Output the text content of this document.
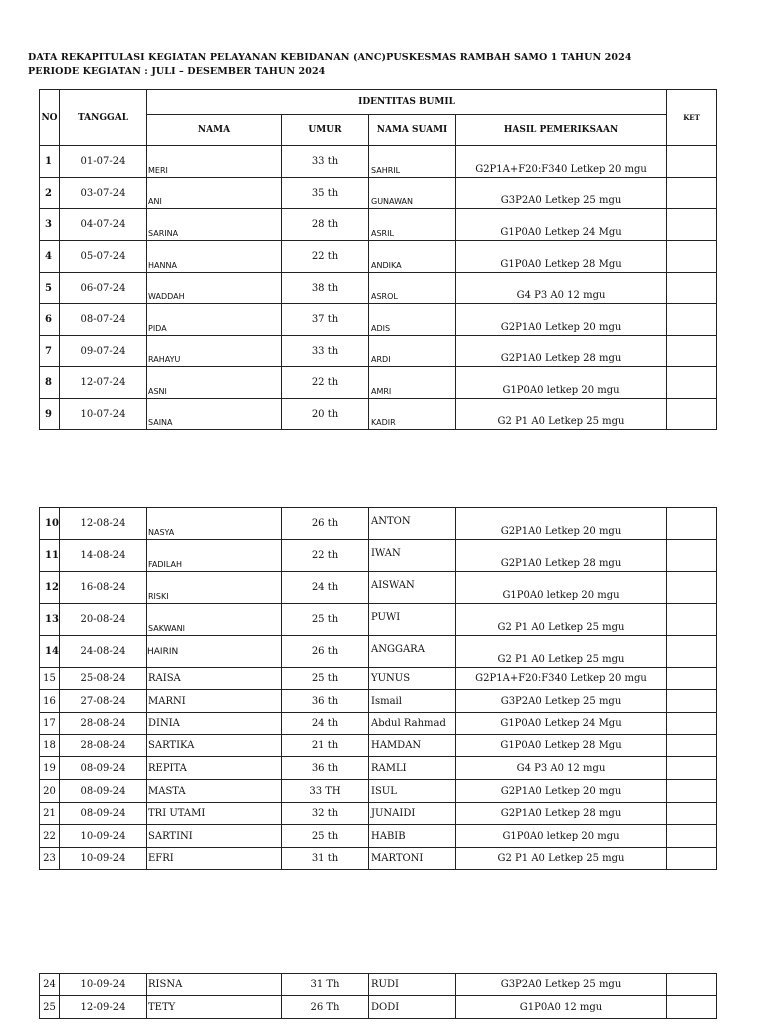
DATA REKAPITULASI KEGIATAN PELAYANAN KEBIDANAN (ANC)PUSKESMAS RAMBAH SAMO 1 TAHUN 2024
PERIODE KEGIATAN : JULI – DESEMBER TAHUN 2024
NO	TANGGAL	IDENTITAS BUMIL				KET
		NAMA	UMUR	NAMA SUAMI	HASIL PEMERIKSAAN	
1	01-07-24	MERI	33 th	SAHRIL	G2P1A+F20:F340 Letkep 20 mgu	
2	03-07-24	ANI	35 th	GUNAWAN	G3P2A0 Letkep 25 mgu	
3	04-07-24	SARINA	28 th	ASRIL	G1P0A0 Letkep 24 Mgu	
4	05-07-24	HANNA	22 th	ANDIKA	G1P0A0 Letkep 28 Mgu	
5	06-07-24	WADDAH	38 th	ASROL	G4 P3 A0 12 mgu	
6	08-07-24	PIDA	37 th	ADIS	G2P1A0 Letkep 20 mgu	
7	09-07-24	RAHAYU	33 th	ARDI	G2P1A0 Letkep 28 mgu	
8	12-07-24	ASNI	22 th	AMRI	G1P0A0 letkep 20 mgu	
9	10-07-24	SAINA	20 th	KADIR	G2 P1 A0 Letkep 25 mgu	
10	12-08-24	NASYA	26 th	ANTON	G2P1A0 Letkep 20 mgu	
11	14-08-24	FADILAH	22 th	IWAN	G2P1A0 Letkep 28 mgu	
12	16-08-24	RISKI	24 th	AISWAN	G1P0A0 letkep 20 mgu	
13	20-08-24	SAKWANI	25 th	PUWI	G2 P1 A0 Letkep 25 mgu	
14	24-08-24	HAIRIN	26 th	ANGGARA	G2 P1 A0 Letkep 25 mgu	
15	25-08-24	RAISA	25 th	YUNUS	G2P1A+F20:F340 Letkep 20 mgu	
16	27-08-24	MARNI	36 th	Ismail	G3P2A0 Letkep 25 mgu	
17	28-08-24	DINIA	24 th	Abdul Rahmad	G1P0A0 Letkep 24 Mgu	
18	28-08-24	SARTIKA	21 th	HAMDAN	G1P0A0 Letkep 28 Mgu	
19	08-09-24	REPITA	36 th	RAMLI	G4 P3 A0 12 mgu	
20	08-09-24	MASTA	33 TH	ISUL	G2P1A0 Letkep 20 mgu	
21	08-09-24	TRI UTAMI	32 th	JUNAIDI	G2P1A0 Letkep 28 mgu	
22	10-09-24	SARTINI	25 th	HABIB	G1P0A0 letkep 20 mgu	
23	10-09-24	EFRI	31 th	MARTONI	G2 P1 A0 Letkep 25 mgu	
24	10-09-24	RISNA	31 Th	RUDI	G3P2A0 Letkep 25 mgu	
25	12-09-24	TETY	26 Th	DODI	G1P0A0 12 mgu	
